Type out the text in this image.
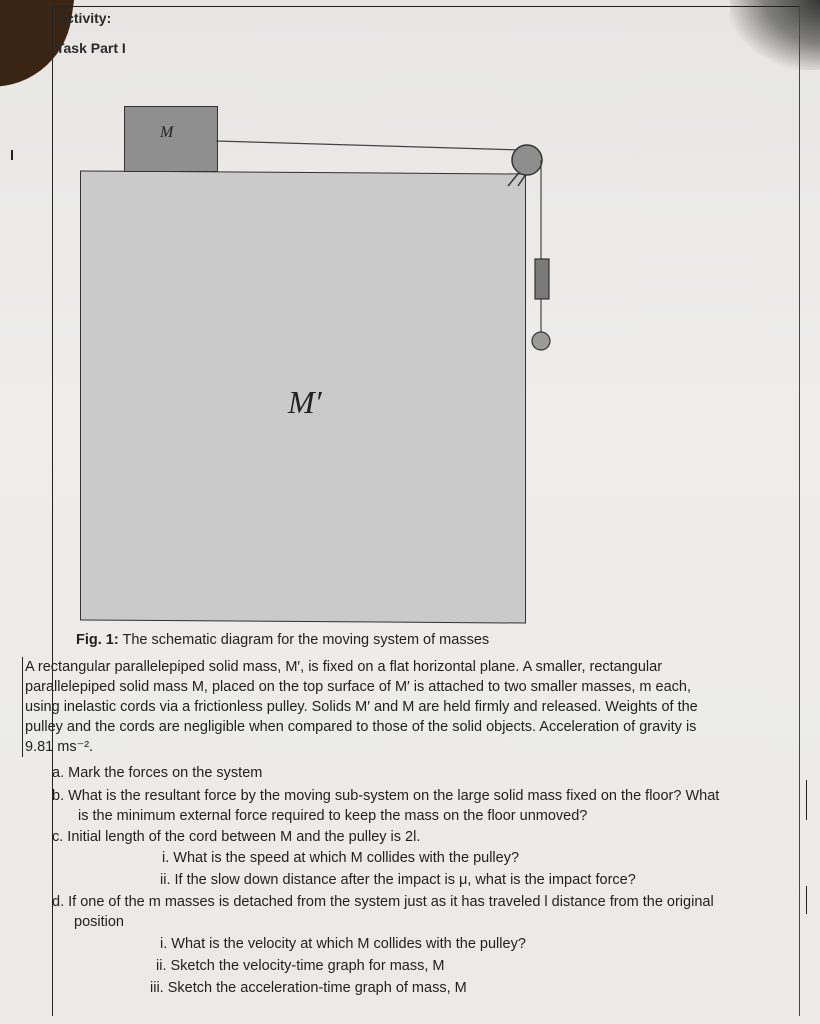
Activity:
Task Part I
M
M′
Fig. 1: The schematic diagram for the moving system of masses
A rectangular parallelepiped solid mass, M′, is fixed on a flat horizontal plane. A smaller, rectangular
parallelepiped solid mass M, placed on the top surface of M′ is attached to two smaller masses, m each,
using inelastic cords via a frictionless pulley. Solids M′ and M are held firmly and released. Weights of the
pulley and the cords are negligible when compared to those of the solid objects. Acceleration of gravity is
9.81 ms⁻².
a. Mark the forces on the system
b. What is the resultant force by the moving sub-system on the large solid mass fixed on the floor? What
is the minimum external force required to keep the mass on the floor unmoved?
c. Initial length of the cord between M and the pulley is 2l.
i. What is the speed at which M collides with the pulley?
ii. If the slow down distance after the impact is μ, what is the impact force?
d. If one of the m masses is detached from the system just as it has traveled l distance from the original
position
i. What is the velocity at which M collides with the pulley?
ii. Sketch the velocity-time graph for mass, M
iii. Sketch the acceleration-time graph of mass, M
